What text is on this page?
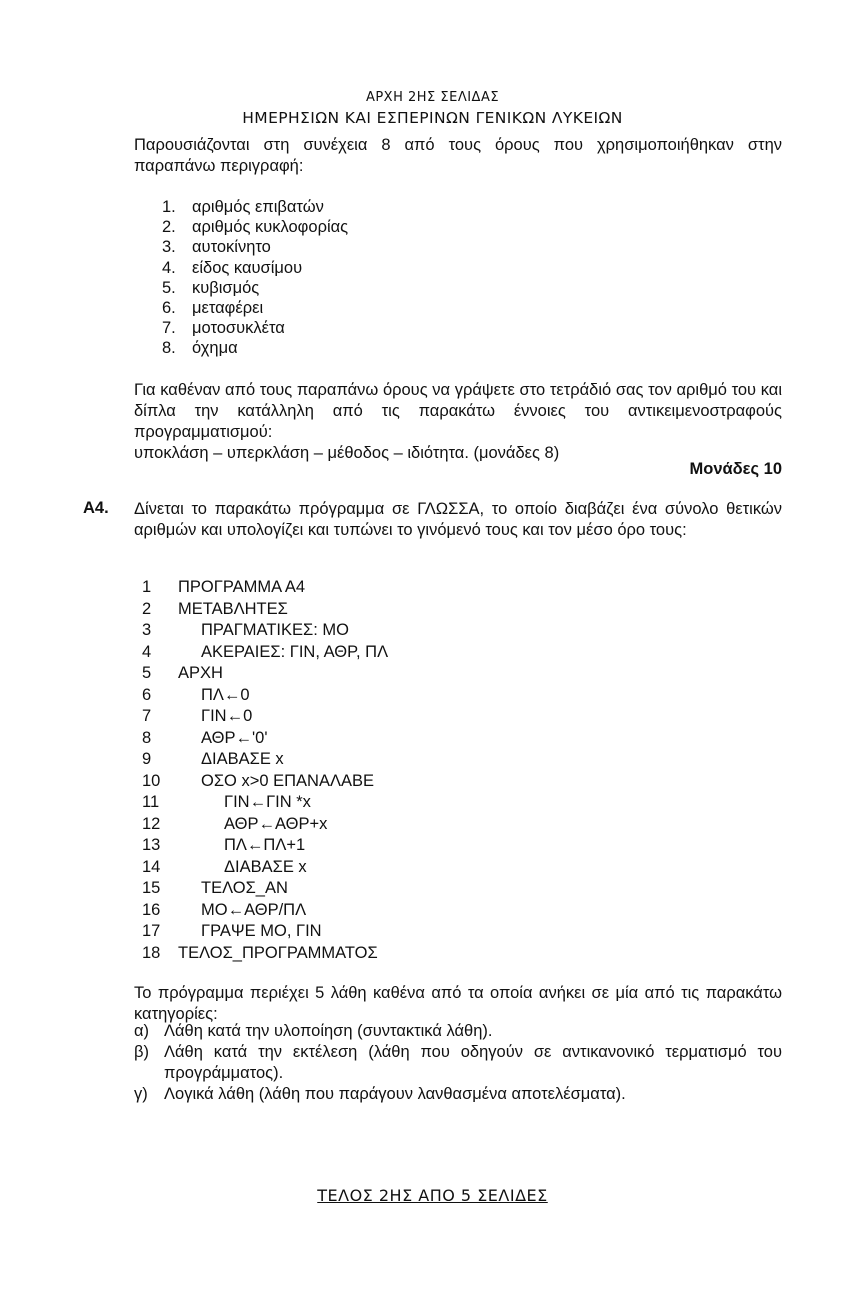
ΑΡΧΗ 2ΗΣ ΣΕΛΙΔΑΣ
ΗΜΕΡΗΣΙΩΝ ΚΑΙ ΕΣΠΕΡΙΝΩΝ ΓΕΝΙΚΩΝ ΛΥΚΕΙΩΝ
Παρουσιάζονται στη συνέχεια 8 από τους όρους που χρησιμοποιήθηκαν στην παραπάνω περιγραφή:
1. αριθμός επιβατών
2. αριθμός κυκλοφορίας
3. αυτοκίνητο
4. είδος καυσίμου
5. κυβισμός
6. μεταφέρει
7. μοτοσυκλέτα
8. όχημα
Για καθέναν από τους παραπάνω όρους να γράψετε στο τετράδιό σας τον αριθμό του και δίπλα την κατάλληλη από τις παρακάτω έννοιες του αντικειμενοστραφούς προγραμματισμού:
υποκλάση – υπερκλάση – μέθοδος – ιδιότητα. (μονάδες 8)
Μονάδες 10
Α4. Δίνεται το παρακάτω πρόγραμμα σε ΓΛΩΣΣΑ, το οποίο διαβάζει ένα σύνολο θετικών αριθμών και υπολογίζει και τυπώνει το γινόμενό τους και τον μέσο όρο τους:
1 ΠΡΟΓΡΑΜΜΑ Α4
2 ΜΕΤΑΒΛΗΤΕΣ
3	ΠΡΑΓΜΑΤΙΚΕΣ: ΜΟ
4	ΑΚΕΡΑΙΕΣ: ΓΙΝ, ΑΘΡ, ΠΛ
5 ΑΡΧΗ
6	ΠΛ←0
7	ΓΙΝ←0
8	ΑΘΡ←'0'
9	ΔΙΑΒΑΣΕ x
10 ΟΣΟ x>0 ΕΠΑΝΑΛΑΒΕ
11	ΓΙΝ←ΓΙΝ *x
12	ΑΘΡ←ΑΘΡ+x
13	ΠΛ←ΠΛ+1
14	ΔΙΑΒΑΣΕ x
15 ΤΕΛΟΣ_ΑΝ
16 ΜΟ←ΑΘΡ/ΠΛ
17 ΓΡΑΨΕ ΜΟ, ΓΙΝ
18 ΤΕΛΟΣ_ΠΡΟΓΡΑΜΜΑΤΟΣ
Το πρόγραμμα περιέχει 5 λάθη καθένα από τα οποία ανήκει σε μία από τις παρακάτω κατηγορίες:
α) Λάθη κατά την υλοποίηση (συντακτικά λάθη).
β) Λάθη κατά την εκτέλεση (λάθη που οδηγούν σε αντικανονικό τερματισμό του προγράμματος).
γ) Λογικά λάθη (λάθη που παράγουν λανθασμένα αποτελέσματα).
ΤΕΛΟΣ 2ΗΣ ΑΠΟ 5 ΣΕΛΙΔΕΣ
